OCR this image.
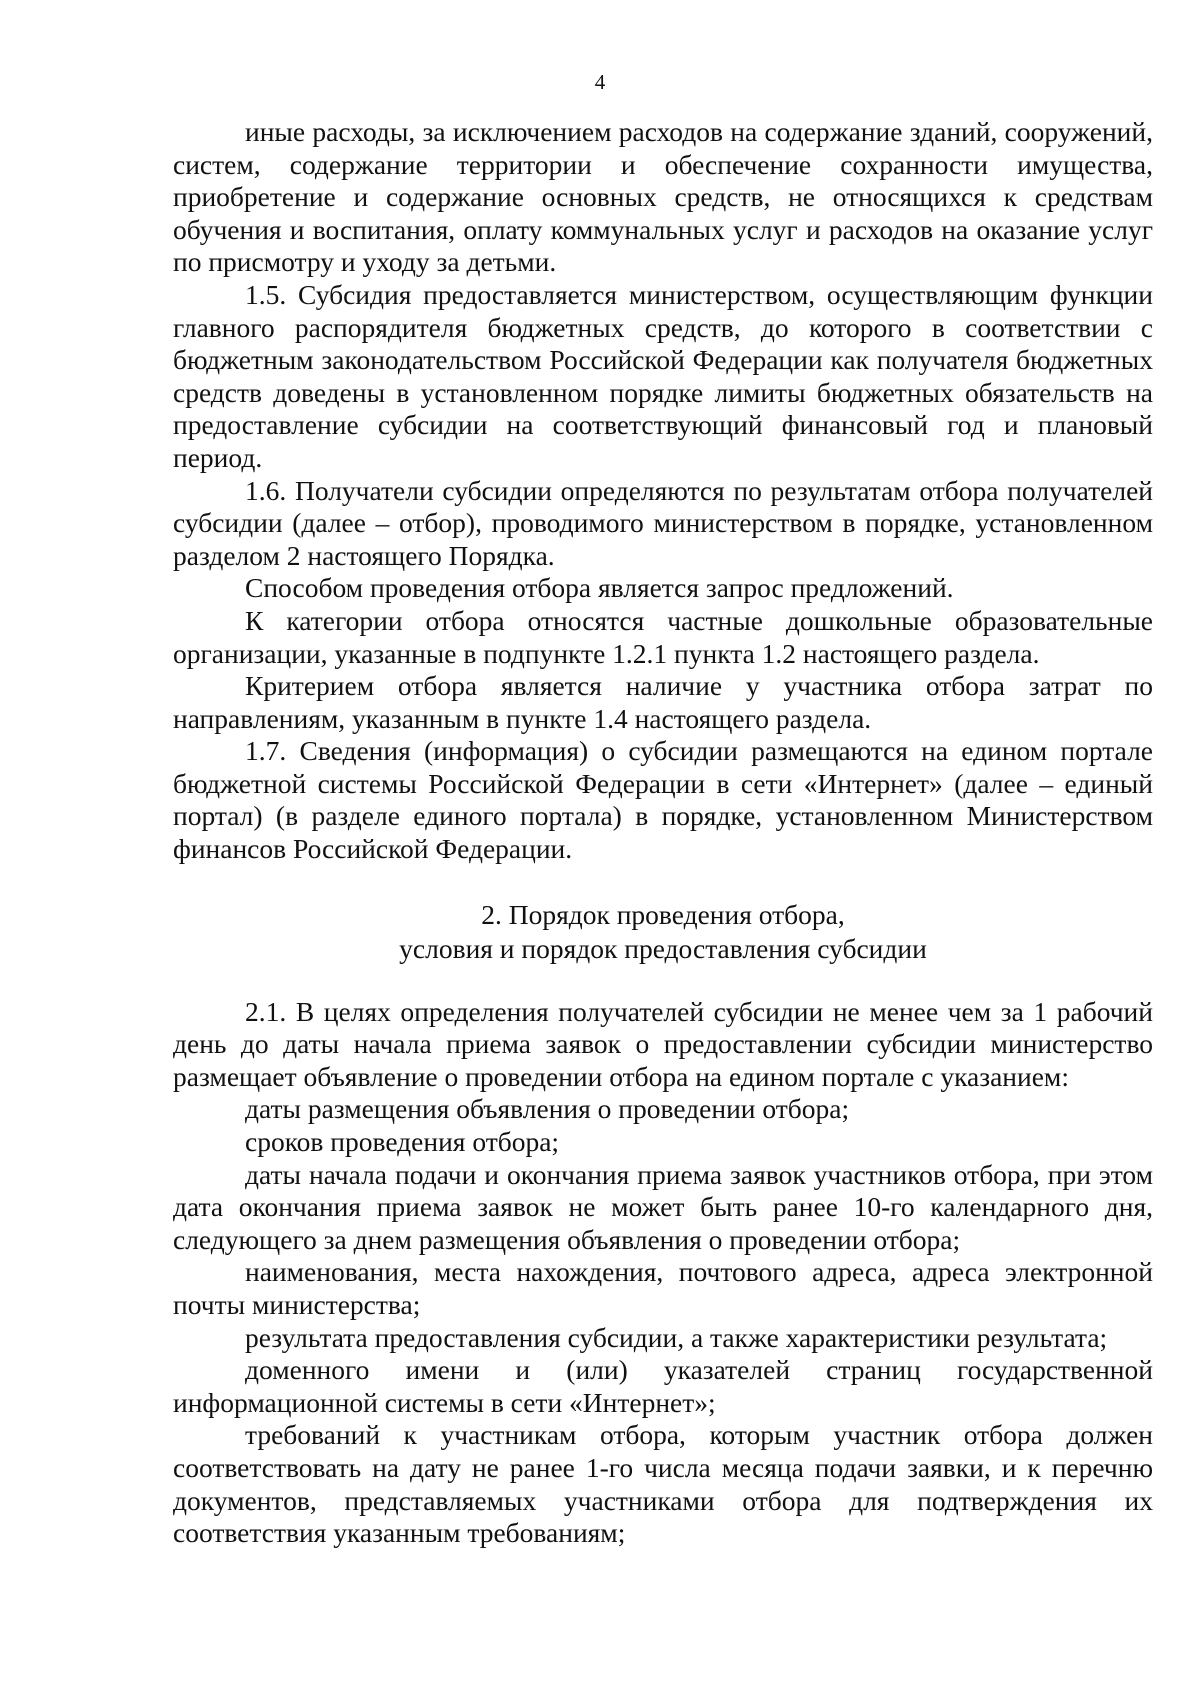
4

иные расходы, за исключением расходов на содержание зданий, сооружений, систем, содержание территории и обеспечение сохранности имущества, приобретение и содержание основных средств, не относящихся к средствам обучения и воспитания, оплату коммунальных услуг и расходов на оказание услуг по присмотру и уходу за детьми.

1.5. Субсидия предоставляется министерством, осуществляющим функции главного распорядителя бюджетных средств, до которого в соответствии с бюджетным законодательством Российской Федерации как получателя бюджетных средств доведены в установленном порядке лимиты бюджетных обязательств на предоставление субсидии на соответствующий финансовый год и плановый период.

1.6. Получатели субсидии определяются по результатам отбора получателей субсидии (далее – отбор), проводимого министерством в порядке, установленном разделом 2 настоящего Порядка.

Способом проведения отбора является запрос предложений.

К категории отбора относятся частные дошкольные образовательные организации, указанные в подпункте 1.2.1 пункта 1.2 настоящего раздела.

Критерием отбора является наличие у участника отбора затрат по направлениям, указанным в пункте 1.4 настоящего раздела.

1.7. Сведения (информация) о субсидии размещаются на едином портале бюджетной системы Российской Федерации в сети «Интернет» (далее – единый портал) (в разделе единого портала) в порядке, установленном Министерством финансов Российской Федерации.

2. Порядок проведения отбора,
условия и порядок предоставления субсидии

2.1. В целях определения получателей субсидии не менее чем за 1 рабочий день до даты начала приема заявок о предоставлении субсидии министерство размещает объявление о проведении отбора на едином портале с указанием:

даты размещения объявления о проведении отбора;

сроков проведения отбора;

даты начала подачи и окончания приема заявок участников отбора, при этом дата окончания приема заявок не может быть ранее 10-го календарного дня, следующего за днем размещения объявления о проведении отбора;

наименования, места нахождения, почтового адреса, адреса электронной почты министерства;

результата предоставления субсидии, а также характеристики результата;

доменного имени и (или) указателей страниц государственной информационной системы в сети «Интернет»;

требований к участникам отбора, которым участник отбора должен соответствовать на дату не ранее 1-го числа месяца подачи заявки, и к перечню документов, представляемых участниками отбора для подтверждения их соответствия указанным требованиям;
